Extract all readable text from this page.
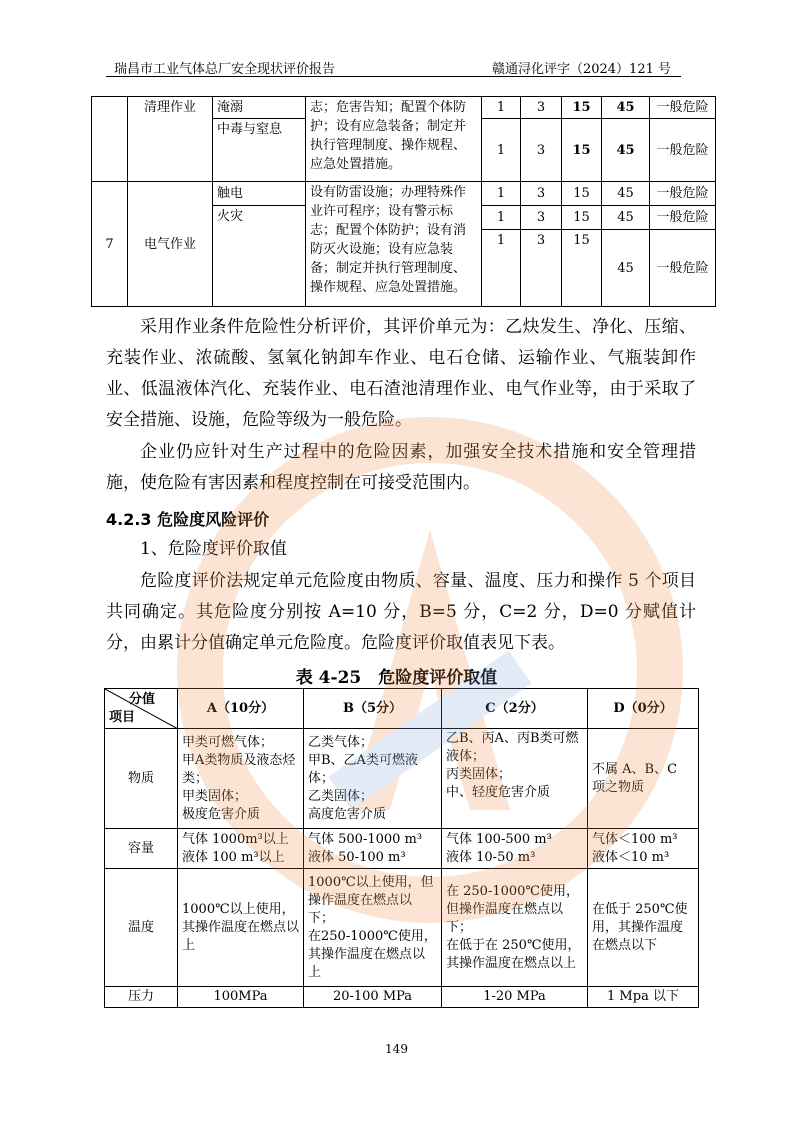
瑞昌市工业气体总厂安全现状评价报告	赣通浔化评字（2024）121 号
	清理作业	淹溺	志；危害告知；配置个体防护；设有应急装备；制定并执行管理制度、操作规程、应急处置措施。	1	3	15	45	一般危险
		中毒与窒息		1	3	15	45	一般危险
7	电气作业	触电	设有防雷设施；办理特殊作业许可程序；设有警示标志；配置个体防护；设有消防灭火设施；设有应急装备；制定并执行管理制度、操作规程、应急处置措施。	1	3	15	45	一般危险
		火灾		1	3	15	45	一般危险
				1	3	15	45	一般危险
采用作业条件危险性分析评价，其评价单元为：乙炔发生、净化、压缩、充装作业、浓硫酸、氢氧化钠卸车作业、电石仓储、运输作业、气瓶装卸作业、低温液体汽化、充装作业、电石渣池清理作业、电气作业等，由于采取了安全措施、设施，危险等级为一般危险。
企业仍应针对生产过程中的危险因素，加强安全技术措施和安全管理措施，使危险有害因素和程度控制在可接受范围内。
4.2.3 危险度风险评价
1、危险度评价取值
危险度评价法规定单元危险度由物质、容量、温度、压力和操作 5 个项目共同确定。其危险度分别按 A=10 分，B=5 分，C=2 分，D=0 分赋值计分，由累计分值确定单元危险度。危险度评价取值表见下表。
表 4-25　危险度评价取值
分值
项目	A（10分）	B（5分）	C（2分）	D（0分）
物质	甲类可燃气体；
甲A类物质及液态烃类；
甲类固体；
极度危害介质	乙类气体；
甲B、乙A类可燃液体；
乙类固体；
高度危害介质	乙B、丙A、丙B类可燃液体；
丙类固体；
中、轻度危害介质	不属 A、B、C 项之物质
容量	气体 1000m³以上
液体 100 m³以上	气体 500-1000 m³
液体 50-100 m³	气体 100-500 m³
液体 10-50 m³	气体＜100 m³
液体＜10 m³
温度	1000℃以上使用，其操作温度在燃点以上	1000℃以上使用，但操作温度在燃点以下；
在250-1000℃使用，其操作温度在燃点以上	在 250-1000℃使用，但操作温度在燃点以下；
在低于在 250℃使用，其操作温度在燃点以上	在低于 250℃使用，其操作温度在燃点以下
压力	100MPa	20-100 MPa	1-20 MPa	1 Mpa 以下
149
